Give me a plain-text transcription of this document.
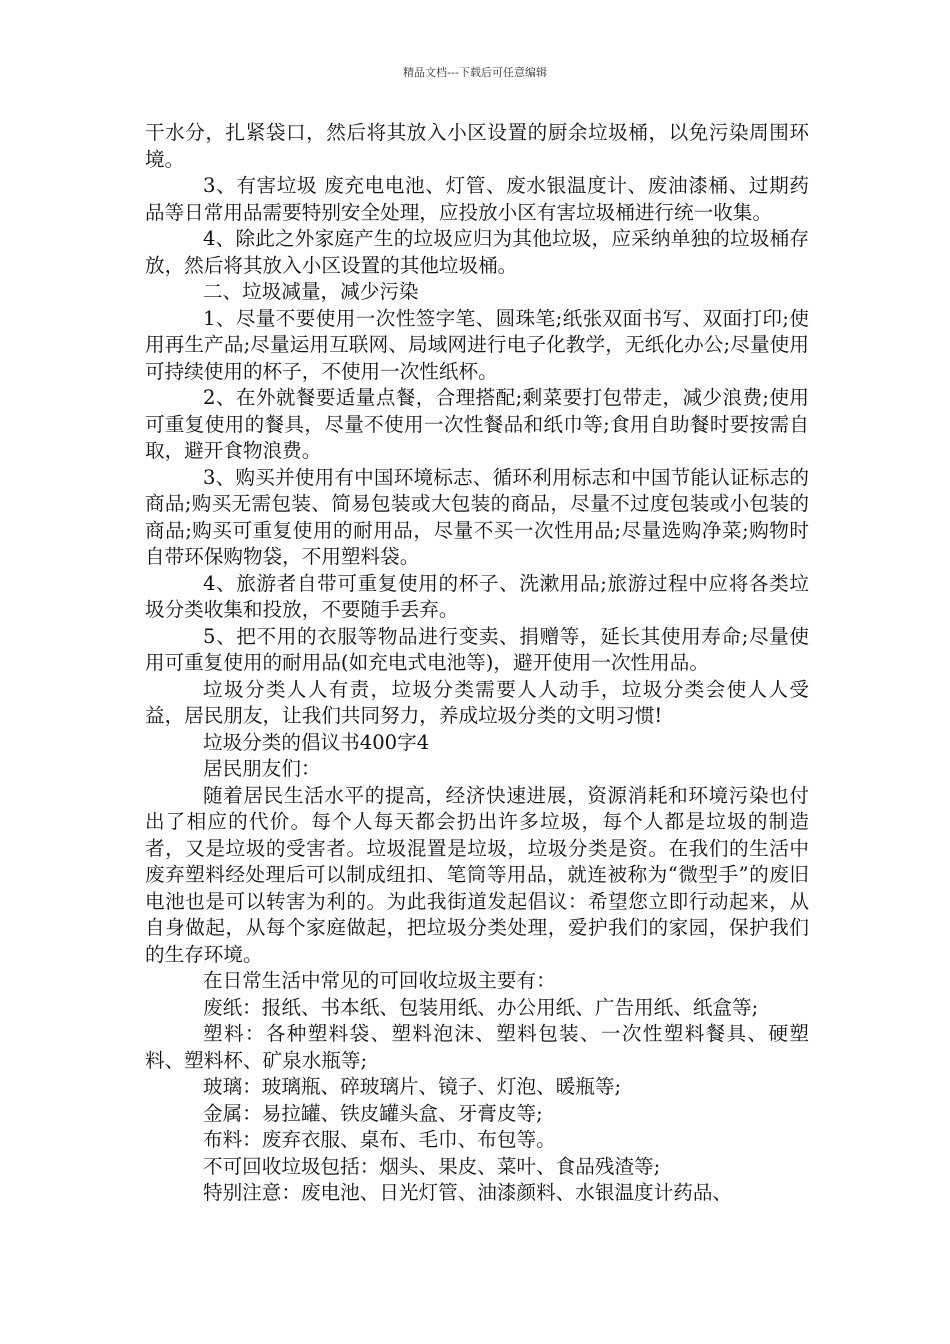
精品文档---下载后可任意编辑

干水分，扎紧袋口，然后将其放入小区设置的厨余垃圾桶，以免污染周围环境。

3、有害垃圾 废充电电池、灯管、废水银温度计、废油漆桶、过期药品等日常用品需要特别安全处理，应投放小区有害垃圾桶进行统一收集。

4、除此之外家庭产生的垃圾应归为其他垃圾，应采纳单独的垃圾桶存放，然后将其放入小区设置的其他垃圾桶。

二、垃圾减量，减少污染

1、尽量不要使用一次性签字笔、圆珠笔;纸张双面书写、双面打印;使用再生产品;尽量运用互联网、局域网进行电子化教学，无纸化办公;尽量使用可持续使用的杯子，不使用一次性纸杯。

2、在外就餐要适量点餐，合理搭配;剩菜要打包带走，减少浪费;使用可重复使用的餐具，尽量不使用一次性餐品和纸巾等;食用自助餐时要按需自取，避开食物浪费。

3、购买并使用有中国环境标志、循环利用标志和中国节能认证标志的商品;购买无需包装、简易包装或大包装的商品，尽量不过度包装或小包装的商品;购买可重复使用的耐用品，尽量不买一次性用品;尽量选购净菜;购物时自带环保购物袋，不用塑料袋。

4、旅游者自带可重复使用的杯子、洗漱用品;旅游过程中应将各类垃圾分类收集和投放，不要随手丢弃。

5、把不用的衣服等物品进行变卖、捐赠等，延长其使用寿命;尽量使用可重复使用的耐用品(如充电式电池等)，避开使用一次性用品。

垃圾分类人人有责，垃圾分类需要人人动手，垃圾分类会使人人受益，居民朋友，让我们共同努力，养成垃圾分类的文明习惯!

垃圾分类的倡议书400字4

居民朋友们：

随着居民生活水平的提高，经济快速进展，资源消耗和环境污染也付出了相应的代价。每个人每天都会扔出许多垃圾，每个人都是垃圾的制造者，又是垃圾的受害者。垃圾混置是垃圾，垃圾分类是资。在我们的生活中废弃塑料经处理后可以制成纽扣、笔筒等用品，就连被称为“微型手”的废旧电池也是可以转害为利的。为此我街道发起倡议：希望您立即行动起来，从自身做起，从每个家庭做起，把垃圾分类处理，爱护我们的家园，保护我们的生存环境。

在日常生活中常见的可回收垃圾主要有：

废纸：报纸、书本纸、包装用纸、办公用纸、广告用纸、纸盒等;

塑料：各种塑料袋、塑料泡沫、塑料包装、一次性塑料餐具、硬塑料、塑料杯、矿泉水瓶等;

玻璃：玻璃瓶、碎玻璃片、镜子、灯泡、暖瓶等;

金属：易拉罐、铁皮罐头盒、牙膏皮等;

布料：废弃衣服、桌布、毛巾、布包等。

不可回收垃圾包括：烟头、果皮、菜叶、食品残渣等;

特别注意：废电池、日光灯管、油漆颜料、水银温度计药品、
